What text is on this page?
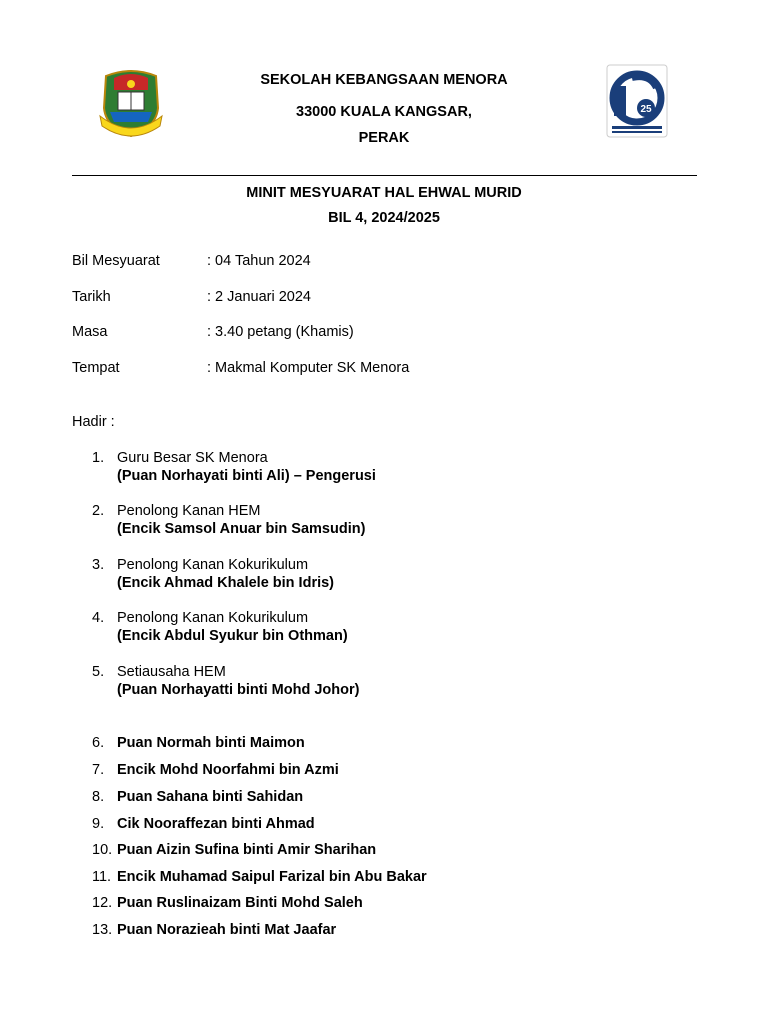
SEKOLAH KEBANGSAAN MENORA
33000 KUALA KANGSAR,
PERAK
25
MINIT MESYUARAT HAL EHWAL MURID
BIL 4, 2024/2025
Bil Mesyuarat	: 04 Tahun 2024
Tarikh	: 2 Januari 2024
Masa	: 3.40 petang (Khamis)
Tempat	: Makmal Komputer SK Menora
Hadir :
1. Guru Besar SK Menora
(Puan Norhayati binti Ali) – Pengerusi
2. Penolong Kanan HEM
(Encik Samsol Anuar bin Samsudin)
3. Penolong Kanan Kokurikulum
(Encik Ahmad Khalele bin Idris)
4. Penolong Kanan Kokurikulum
(Encik Abdul Syukur bin Othman)
5. Setiausaha HEM
(Puan Norhayatti binti Mohd Johor)
6. Puan Normah binti Maimon
7. Encik Mohd Noorfahmi bin Azmi
8. Puan Sahana binti Sahidan
9. Cik Nooraffezan binti Ahmad
10. Puan Aizin Sufina binti Amir Sharihan
11. Encik Muhamad Saipul Farizal bin Abu Bakar
12. Puan Ruslinaizam Binti Mohd Saleh
13. Puan Norazieah binti Mat Jaafar
